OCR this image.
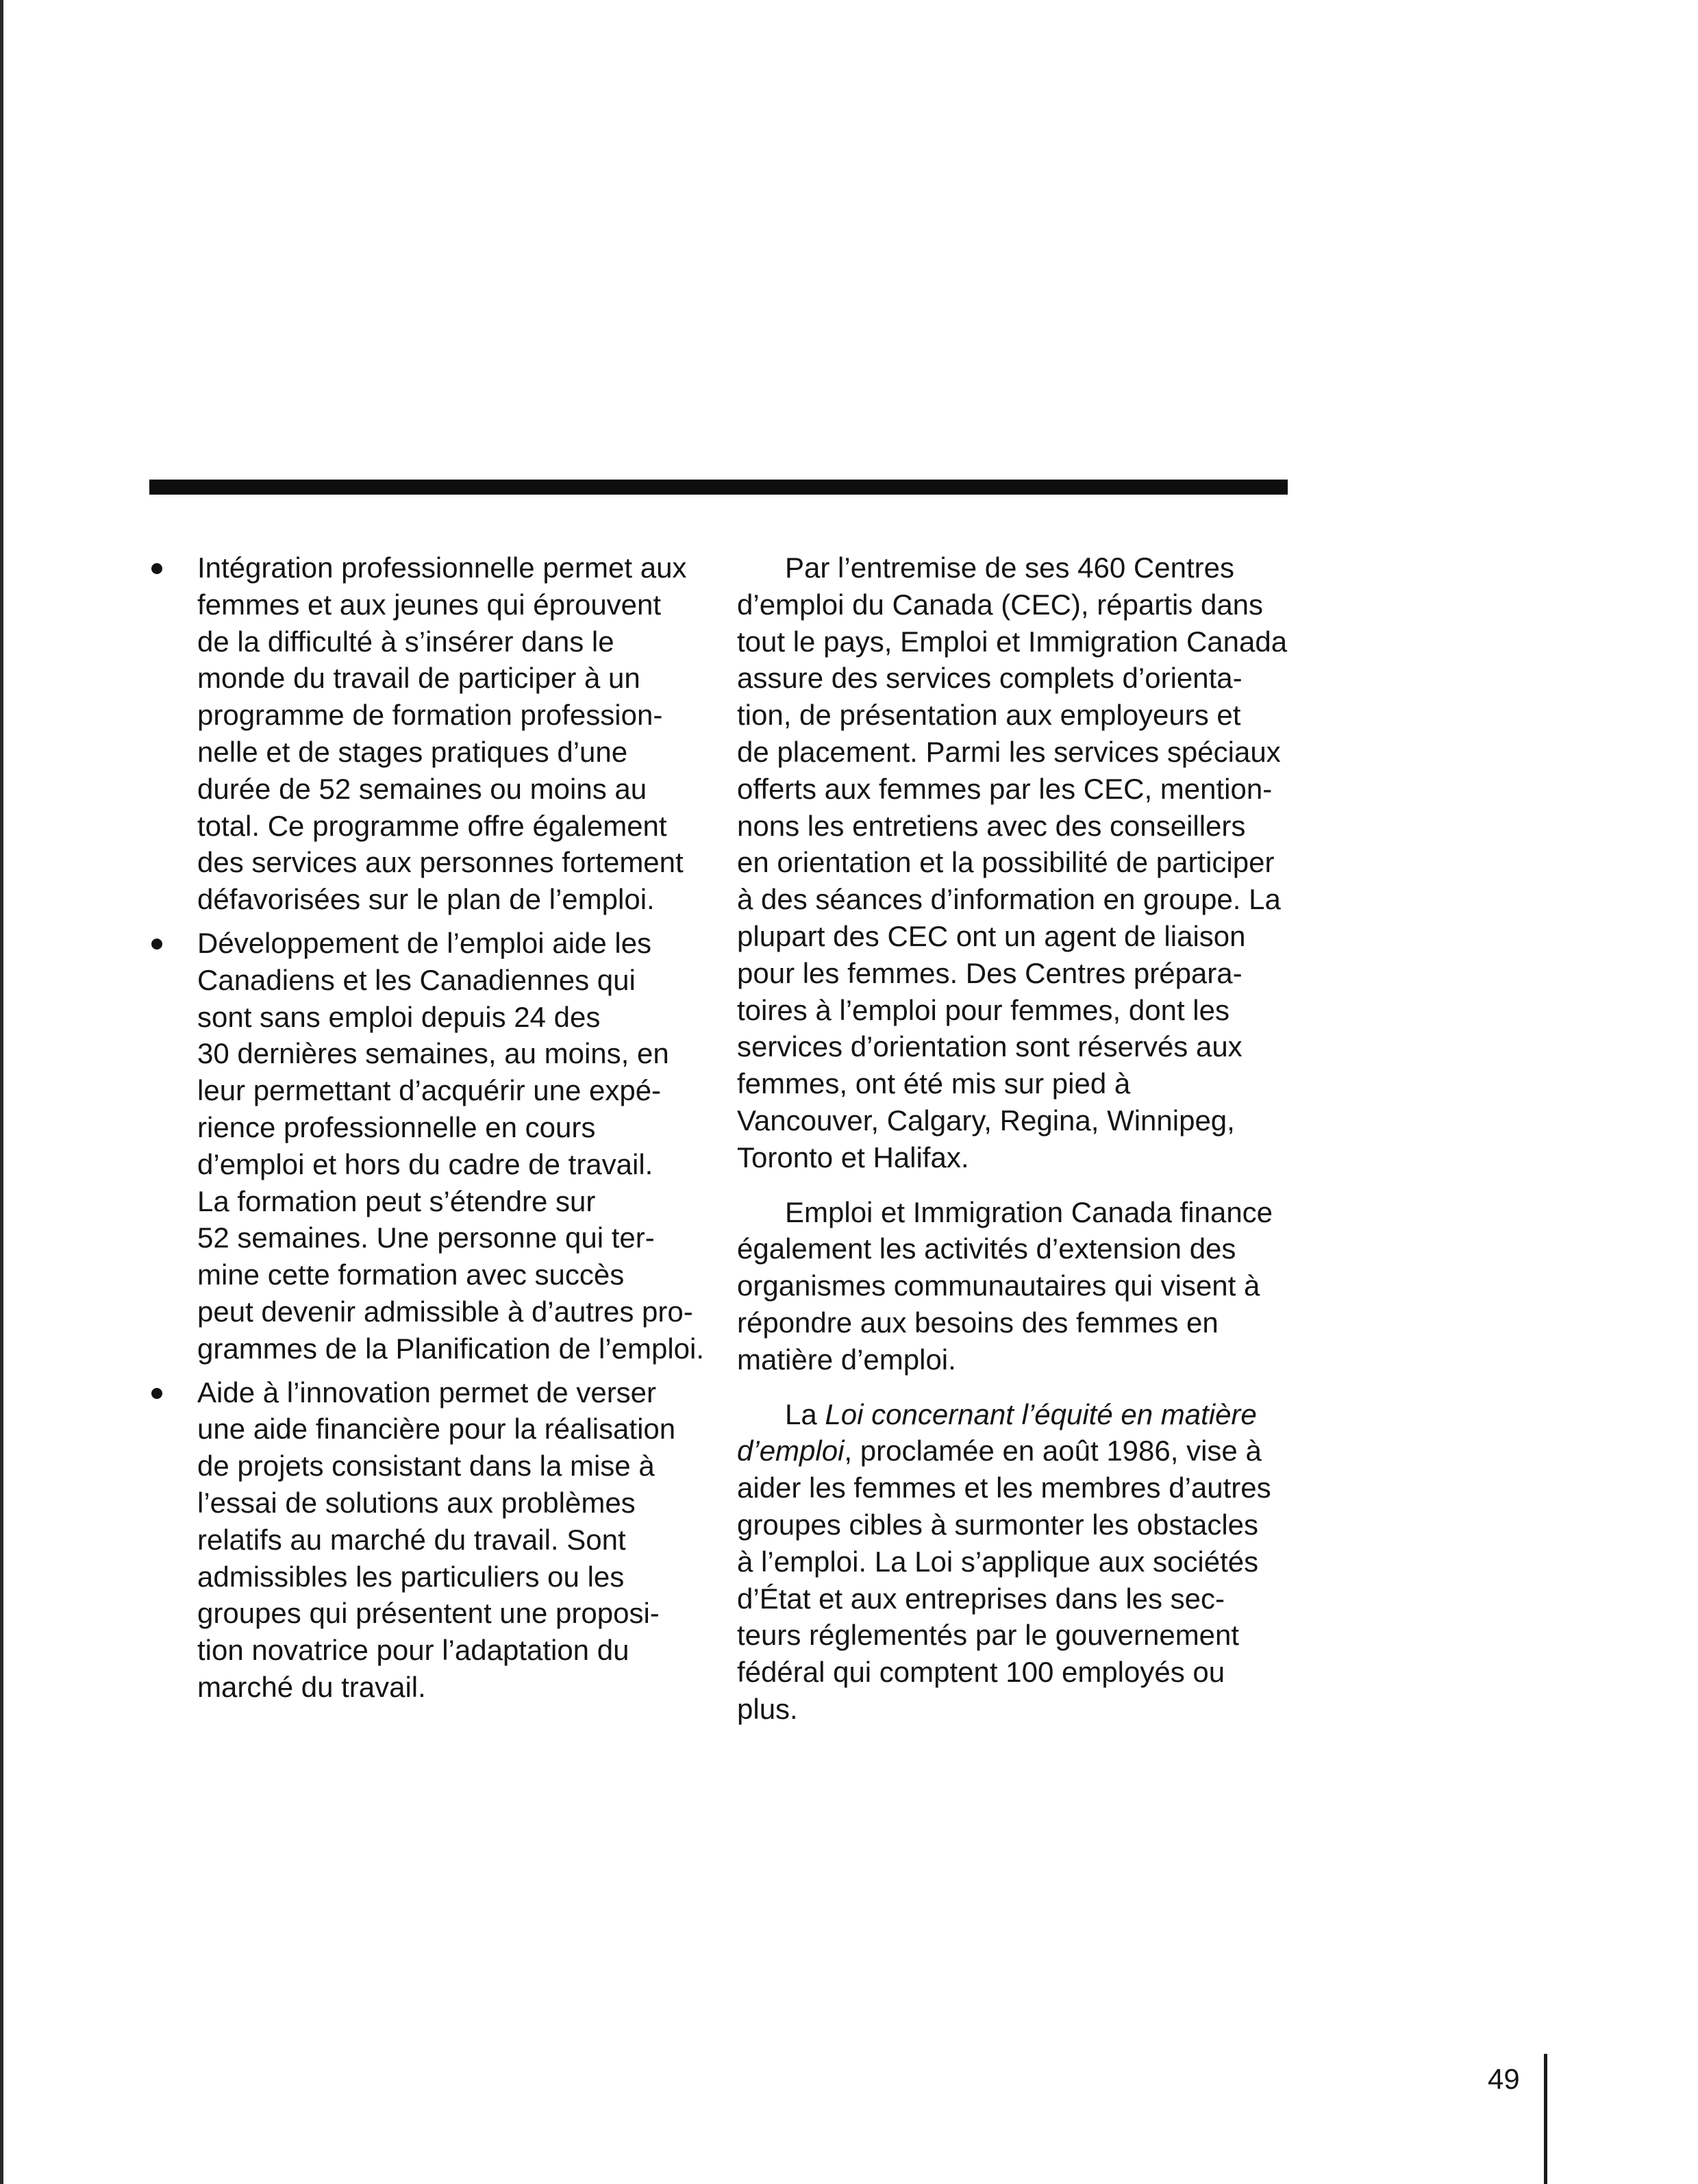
Intégration professionnelle permet aux
femmes et aux jeunes qui éprouvent
de la difficulté à s’insérer dans le
monde du travail de participer à un
programme de formation profession-
nelle et de stages pratiques d’une
durée de 52 semaines ou moins au
total. Ce programme offre également
des services aux personnes fortement
défavorisées sur le plan de l’emploi.
Développement de l’emploi aide les
Canadiens et les Canadiennes qui
sont sans emploi depuis 24 des
30 dernières semaines, au moins, en
leur permettant d’acquérir une expé-
rience professionnelle en cours
d’emploi et hors du cadre de travail.
La formation peut s’étendre sur
52 semaines. Une personne qui ter-
mine cette formation avec succès
peut devenir admissible à d’autres pro-
grammes de la Planification de l’emploi.
Aide à l’innovation permet de verser
une aide financière pour la réalisation
de projets consistant dans la mise à
l’essai de solutions aux problèmes
relatifs au marché du travail. Sont
admissibles les particuliers ou les
groupes qui présentent une proposi-
tion novatrice pour l’adaptation du
marché du travail.

Par l’entremise de ses 460 Centres
d’emploi du Canada (CEC), répartis dans
tout le pays, Emploi et Immigration Canada
assure des services complets d’orienta-
tion, de présentation aux employeurs et
de placement. Parmi les services spéciaux
offerts aux femmes par les CEC, mention-
nons les entretiens avec des conseillers
en orientation et la possibilité de participer
à des séances d’information en groupe. La
plupart des CEC ont un agent de liaison
pour les femmes. Des Centres prépara-
toires à l’emploi pour femmes, dont les
services d’orientation sont réservés aux
femmes, ont été mis sur pied à
Vancouver, Calgary, Regina, Winnipeg,
Toronto et Halifax.

Emploi et Immigration Canada finance
également les activités d’extension des
organismes communautaires qui visent à
répondre aux besoins des femmes en
matière d’emploi.

La Loi concernant l’équité en matière
d’emploi, proclamée en août 1986, vise à
aider les femmes et les membres d’autres
groupes cibles à surmonter les obstacles
à l’emploi. La Loi s’applique aux sociétés
d’État et aux entreprises dans les sec-
teurs réglementés par le gouvernement
fédéral qui comptent 100 employés ou
plus.

49
